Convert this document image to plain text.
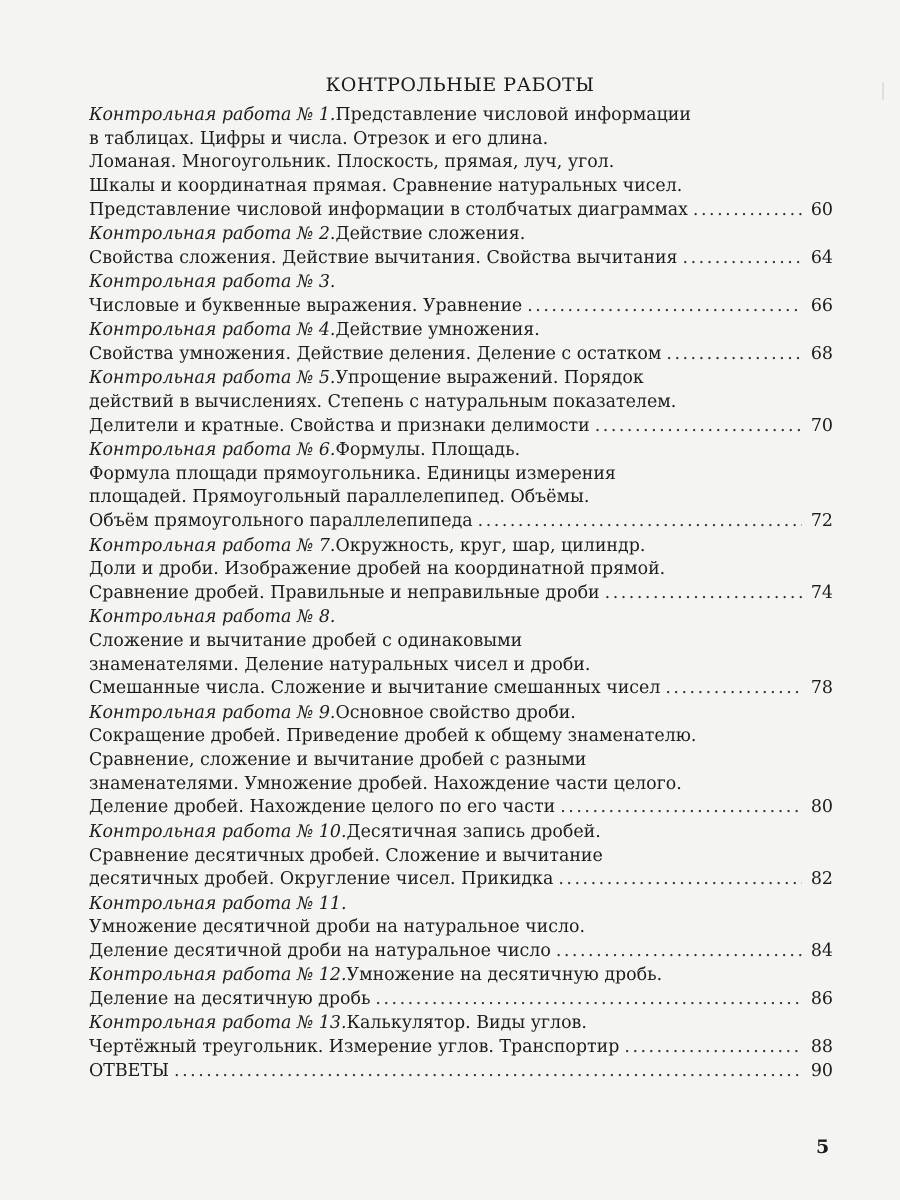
|
КОНТРОЛЬНЫЕ РАБОТЫ
Контрольная работа № 1. Представление числовой информации
в таблицах. Цифры и числа. Отрезок и его длина.
Ломаная. Многоугольник. Плоскость, прямая, луч, угол.
Шкалы и координатная прямая. Сравнение натуральных чисел.
Представление числовой информации в столбчатых диаграммах . . .	60
Контрольная работа № 2. Действие сложения.
Свойства сложения. Действие вычитания. Свойства вычитания . . .	64
Контрольная работа № 3.
Числовые и буквенные выражения. Уравнение . . .	66
Контрольная работа № 4. Действие умножения.
Свойства умножения. Действие деления. Деление с остатком . . .	68
Контрольная работа № 5. Упрощение выражений. Порядок
действий в вычислениях. Степень с натуральным показателем.
Делители и кратные. Свойства и признаки делимости . . .	70
Контрольная работа № 6. Формулы. Площадь.
Формула площади прямоугольника. Единицы измерения
площадей. Прямоугольный параллелепипед. Объёмы.
Объём прямоугольного параллелепипеда . . .	72
Контрольная работа № 7. Окружность, круг, шар, цилиндр.
Доли и дроби. Изображение дробей на координатной прямой.
Сравнение дробей. Правильные и неправильные дроби . . .	74
Контрольная работа № 8.
Сложение и вычитание дробей с одинаковыми
знаменателями. Деление натуральных чисел и дроби.
Смешанные числа. Сложение и вычитание смешанных чисел . . .	78
Контрольная работа № 9. Основное свойство дроби.
Сокращение дробей. Приведение дробей к общему знаменателю.
Сравнение, сложение и вычитание дробей с разными
знаменателями. Умножение дробей. Нахождение части целого.
Деление дробей. Нахождение целого по его части . . .	80
Контрольная работа № 10. Десятичная запись дробей.
Сравнение десятичных дробей. Сложение и вычитание
десятичных дробей. Округление чисел. Прикидка . . .	82
Контрольная работа № 11.
Умножение десятичной дроби на натуральное число.
Деление десятичной дроби на натуральное число . . .	84
Контрольная работа № 12. Умножение на десятичную дробь.
Деление на десятичную дробь . . .	86
Контрольная работа № 13. Калькулятор. Виды углов.
Чертёжный треугольник. Измерение углов. Транспортир . . .	88
ОТВЕТЫ . . .	90
5
